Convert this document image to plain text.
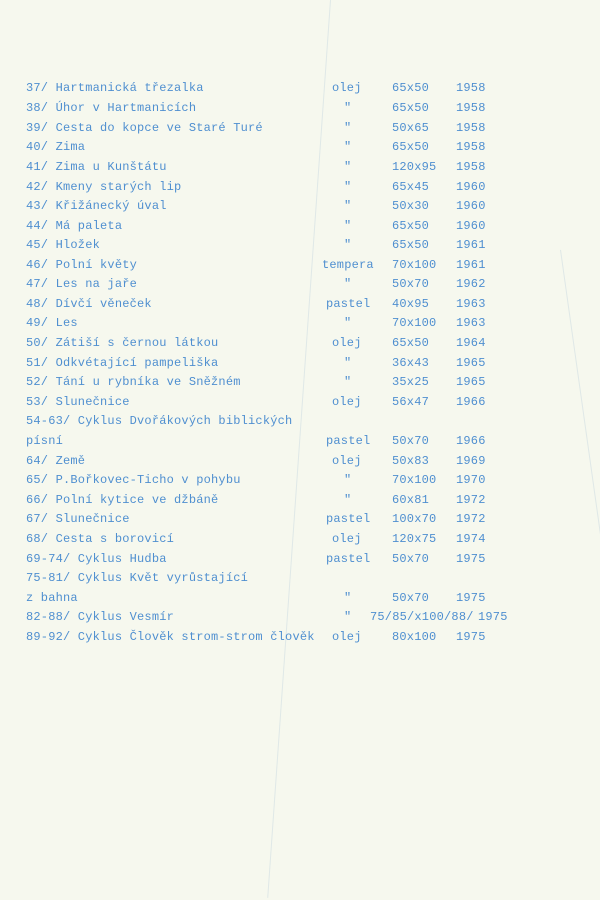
37/ Hartmanická třezalka	olej	65x50 1958
38/ Úhor v Hartmanicích	"	65x50 1958
39/ Cesta do kopce ve Staré Turé	"	50x65 1958
40/ Zima	"	65x50 1958
41/ Zima u Kunštátu	"	120x95 1958
42/ Kmeny starých lip	"	65x45 1960
43/ Křižánecký úval	"	50x30 1960
44/ Má paleta	"	65x50 1960
45/ Hložek	"	65x50 1961
46/ Polní květy	tempera 70x100 1961
47/ Les na jaře	"	50x70 1962
48/ Dívčí věneček	pastel 40x95 1963
49/ Les	"	70x100 1963
50/ Zátiší s černou látkou	olej	65x50 1964
51/ Odkvétající pampeliška	"	36x43 1965
52/ Tání u rybníka ve Sněžném	"	35x25 1965
53/ Slunečnice	olej	56x47 1966
54-63/ Cyklus Dvořákových biblických
písní	pastel 50x70 1966
64/ Země	olej	50x83 1969
65/ P.Bořkovec-Ticho v pohybu	"	70x100 1970
66/ Polní kytice ve džbáně	"	60x81 1972
67/ Slunečnice	pastel 100x70 1972
68/ Cesta s borovicí	olej	120x75 1974
69-74/ Cyklus Hudba	pastel 50x70 1975
75-81/ Cyklus Květ vyrůstající
z bahna	"	50x70 1975
82-88/ Cyklus Vesmír	" 75/85/x100/88/ 1975
89-92/ Cyklus Člověk strom-strom člověk olej	80x100 1975
